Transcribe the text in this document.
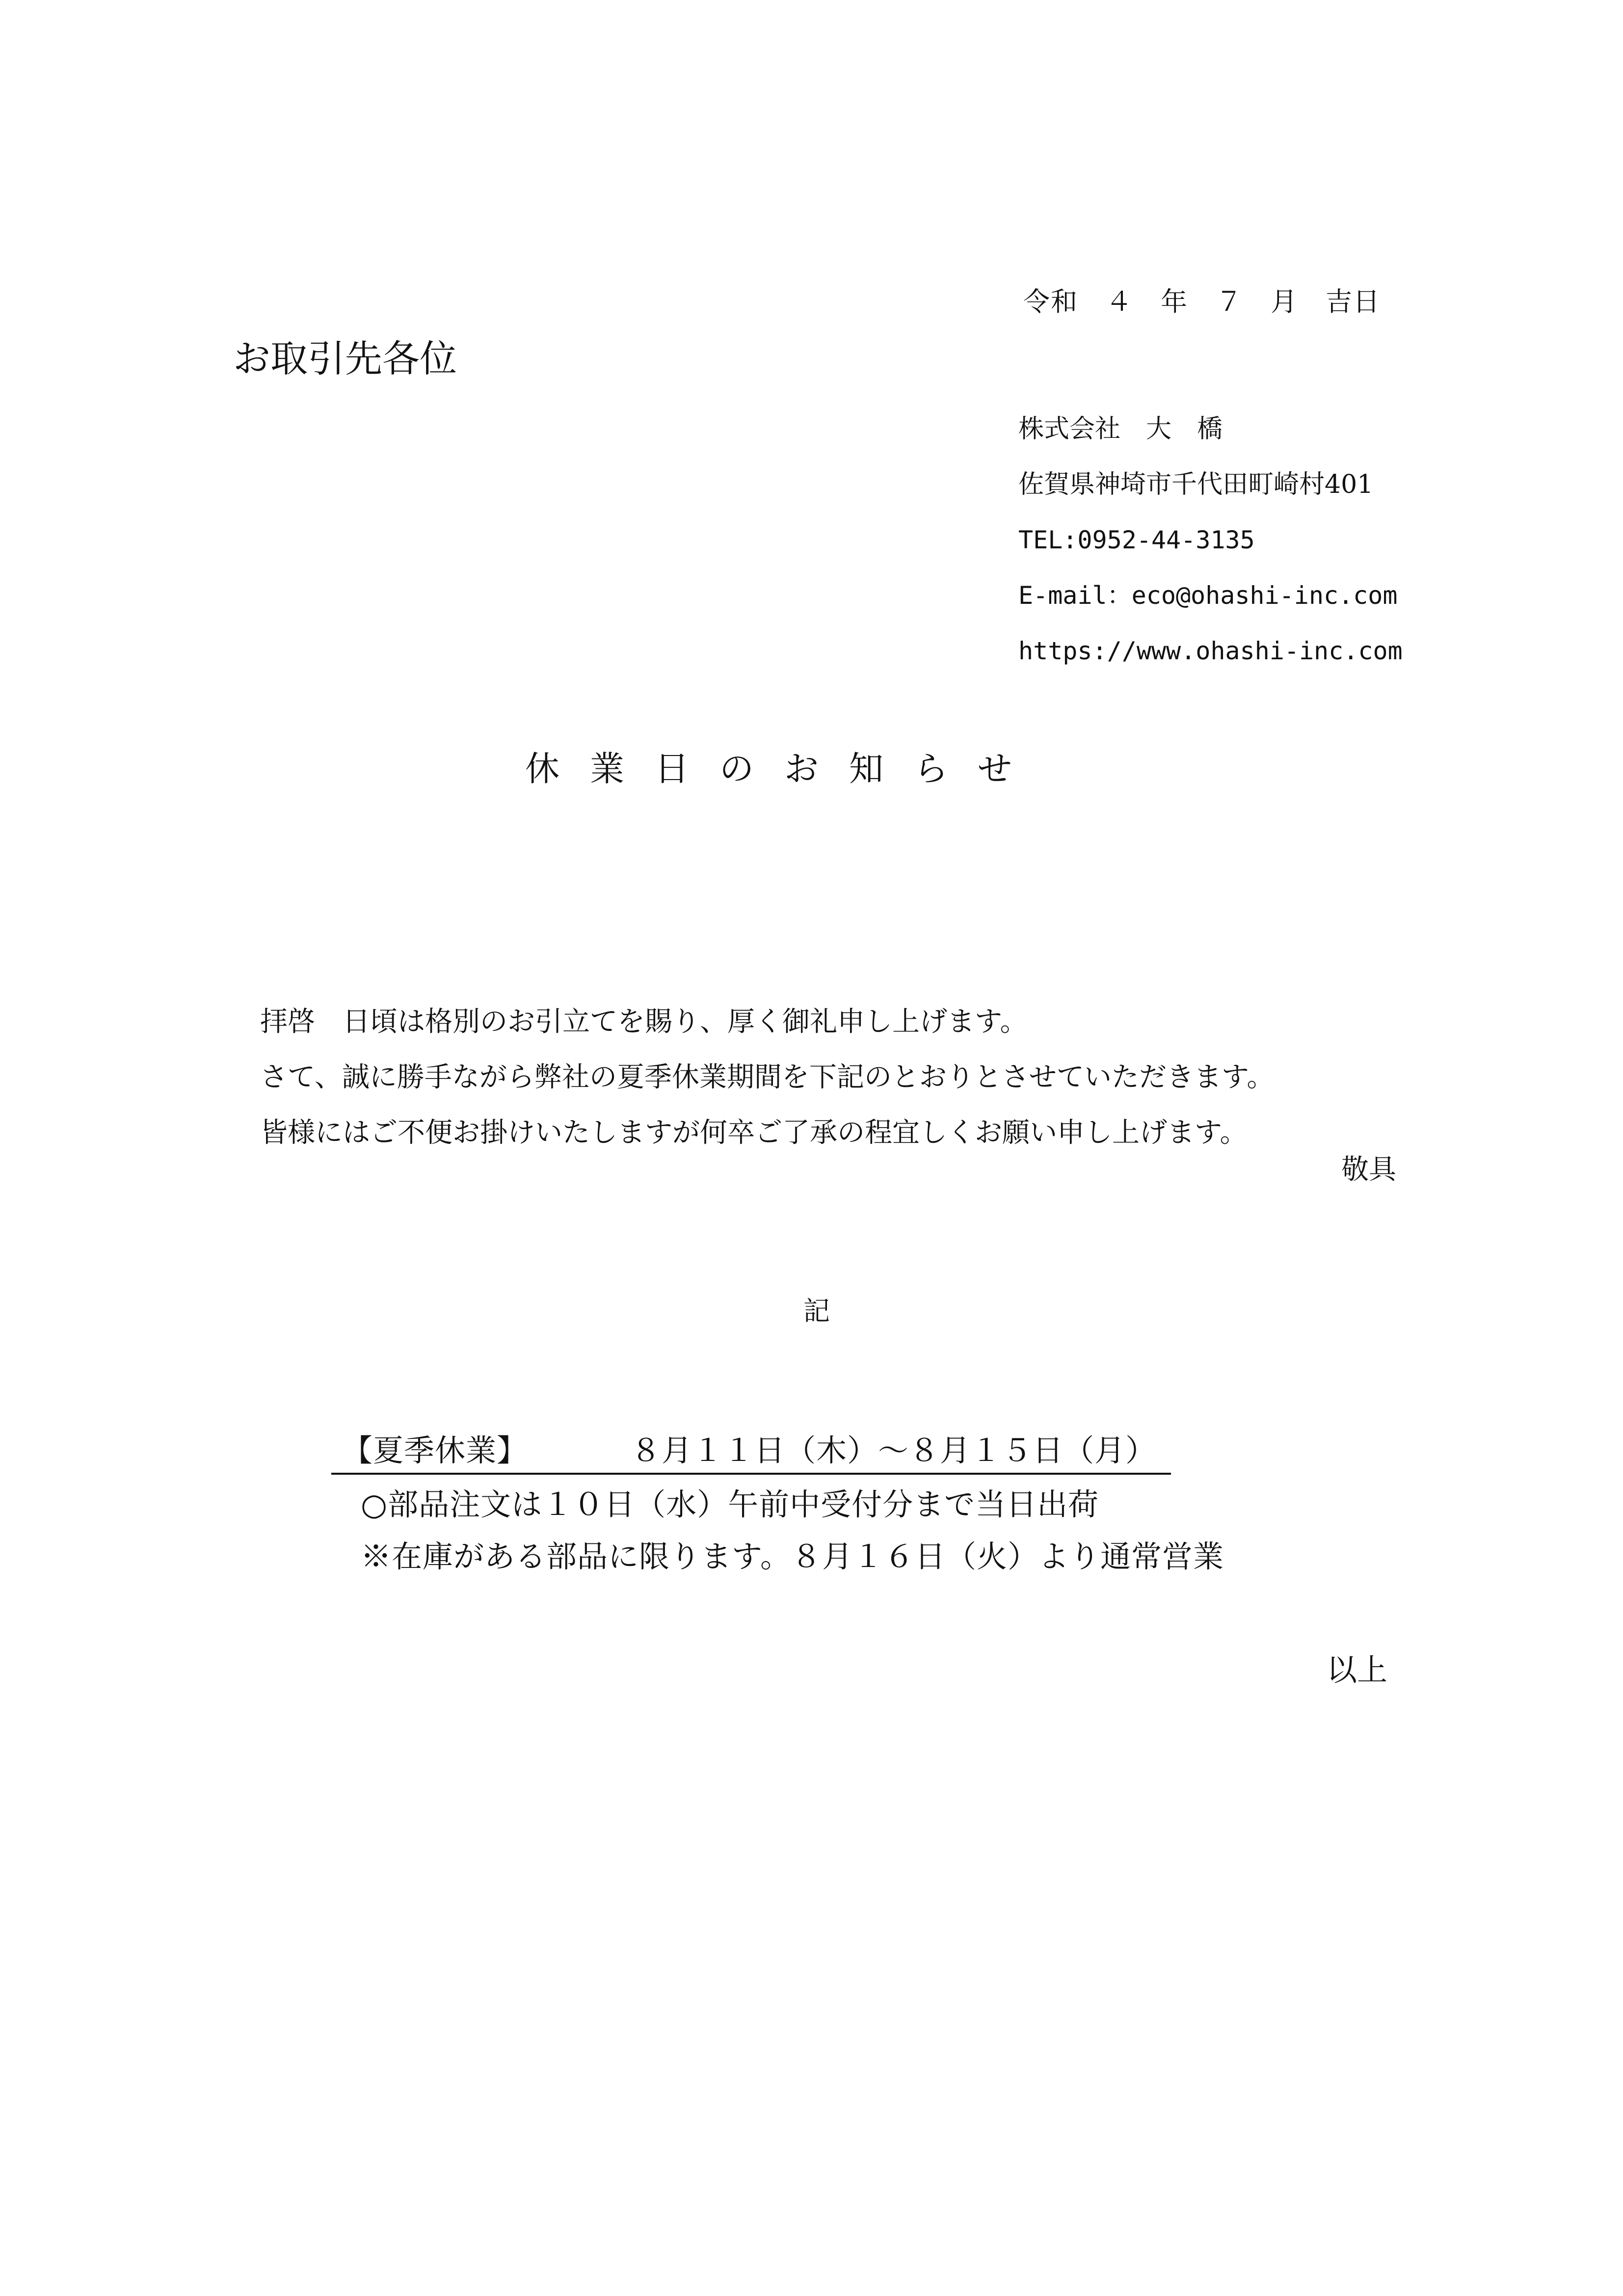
令和　４　年　７　月　吉日
お取引先各位
株式会社　大　橋
佐賀県神埼市千代田町崎村401
TEL:0952-44-3135
E-mail：eco@ohashi-inc.com
https://www.ohashi-inc.com
休業日のお知らせ
拝啓　日頃は格別のお引立てを賜り、厚く御礼申し上げます。
さて、誠に勝手ながら弊社の夏季休業期間を下記のとおりとさせていただきます。
皆様にはご不便お掛けいたしますが何卒ご了承の程宜しくお願い申し上げます。
敬具
記
【夏季休業】	８月１１日（木）～８月１５日（月）
○部品注文は１０日（水）午前中受付分まで当日出荷
※在庫がある部品に限ります。８月１６日（火）より通常営業
以上
